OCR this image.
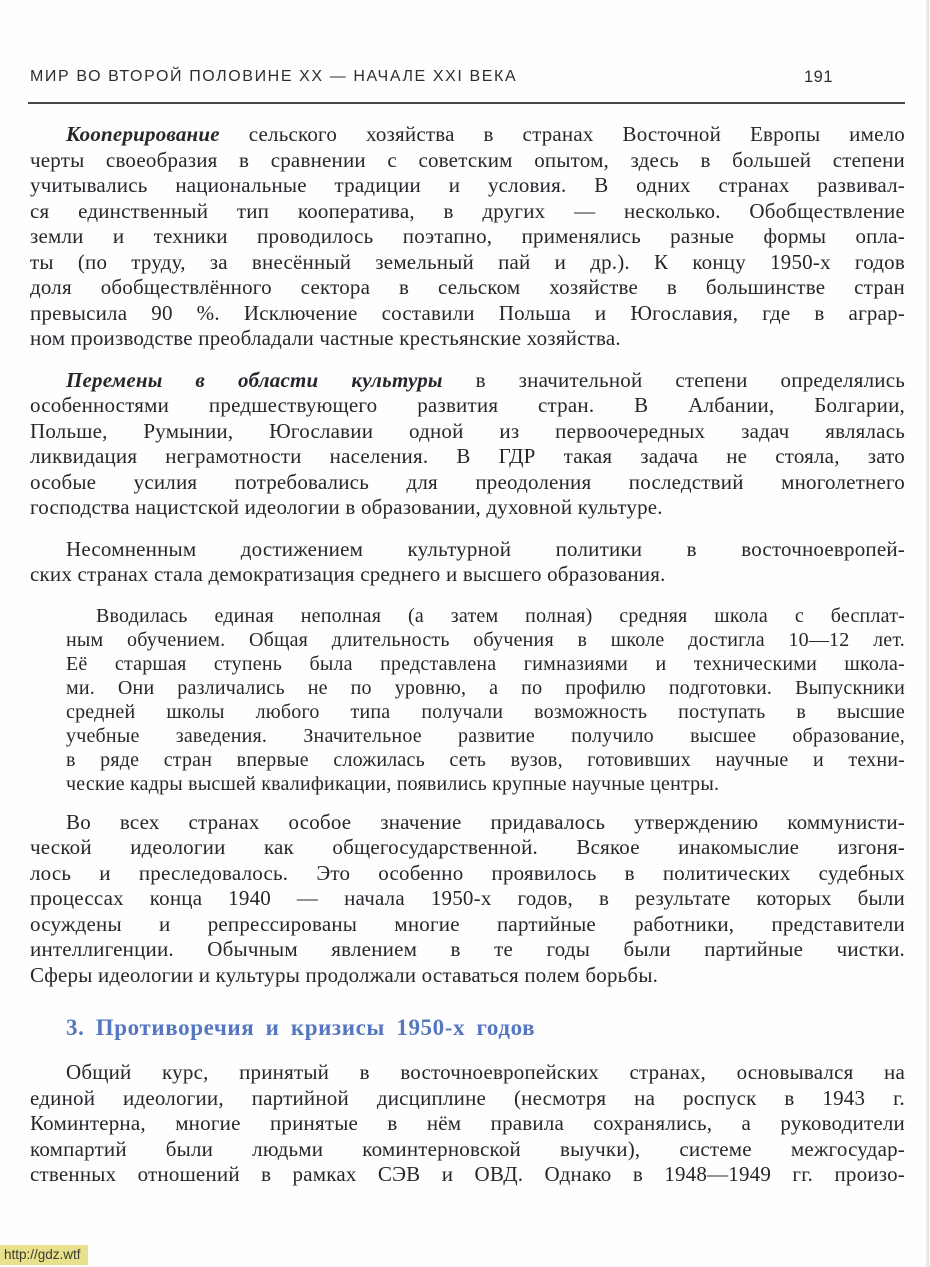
МИР ВО ВТОРОЙ ПОЛОВИНЕ XX — НАЧАЛЕ XXI ВЕКА	191

Кооперирование сельского хозяйства в странах Восточной Европы имело
черты своеобразия в сравнении с советским опытом, здесь в большей степени
учитывались национальные традиции и условия. В одних странах развивал-
ся единственный тип кооператива, в других — несколько. Обобществление
земли и техники проводилось поэтапно, применялись разные формы опла-
ты (по труду, за внесённый земельный пай и др.). К концу 1950-х годов
доля обобществлённого сектора в сельском хозяйстве в большинстве стран
превысила 90 %. Исключение составили Польша и Югославия, где в аграр-
ном производстве преобладали частные крестьянские хозяйства.

Перемены в области культуры в значительной степени определялись
особенностями предшествующего развития стран. В Албании, Болгарии,
Польше, Румынии, Югославии одной из первоочередных задач являлась
ликвидация неграмотности населения. В ГДР такая задача не стояла, зато
особые усилия потребовались для преодоления последствий многолетнего
господства нацистской идеологии в образовании, духовной культуре.

Несомненным достижением культурной политики в восточноевропей-
ских странах стала демократизация среднего и высшего образования.

Вводилась единая неполная (а затем полная) средняя школа с бесплат-
ным обучением. Общая длительность обучения в школе достигла 10—12 лет.
Её старшая ступень была представлена гимназиями и техническими школа-
ми. Они различались не по уровню, а по профилю подготовки. Выпускники
средней школы любого типа получали возможность поступать в высшие
учебные заведения. Значительное развитие получило высшее образование,
в ряде стран впервые сложилась сеть вузов, готовивших научные и техни-
ческие кадры высшей квалификации, появились крупные научные центры.

Во всех странах особое значение придавалось утверждению коммунисти-
ческой идеологии как общегосударственной. Всякое инакомыслие изгоня-
лось и преследовалось. Это особенно проявилось в политических судебных
процессах конца 1940 — начала 1950-х годов, в результате которых были
осуждены и репрессированы многие партийные работники, представители
интеллигенции. Обычным явлением в те годы были партийные чистки.
Сферы идеологии и культуры продолжали оставаться полем борьбы.

3. Противоречия и кризисы 1950-х годов

Общий курс, принятый в восточноевропейских странах, основывался на
единой идеологии, партийной дисциплине (несмотря на роспуск в 1943 г.
Коминтерна, многие принятые в нём правила сохранялись, а руководители
компартий были людьми коминтерновской выучки), системе межгосудар-
ственных отношений в рамках СЭВ и ОВД. Однако в 1948—1949 гг. произо-

http://gdz.wtf
